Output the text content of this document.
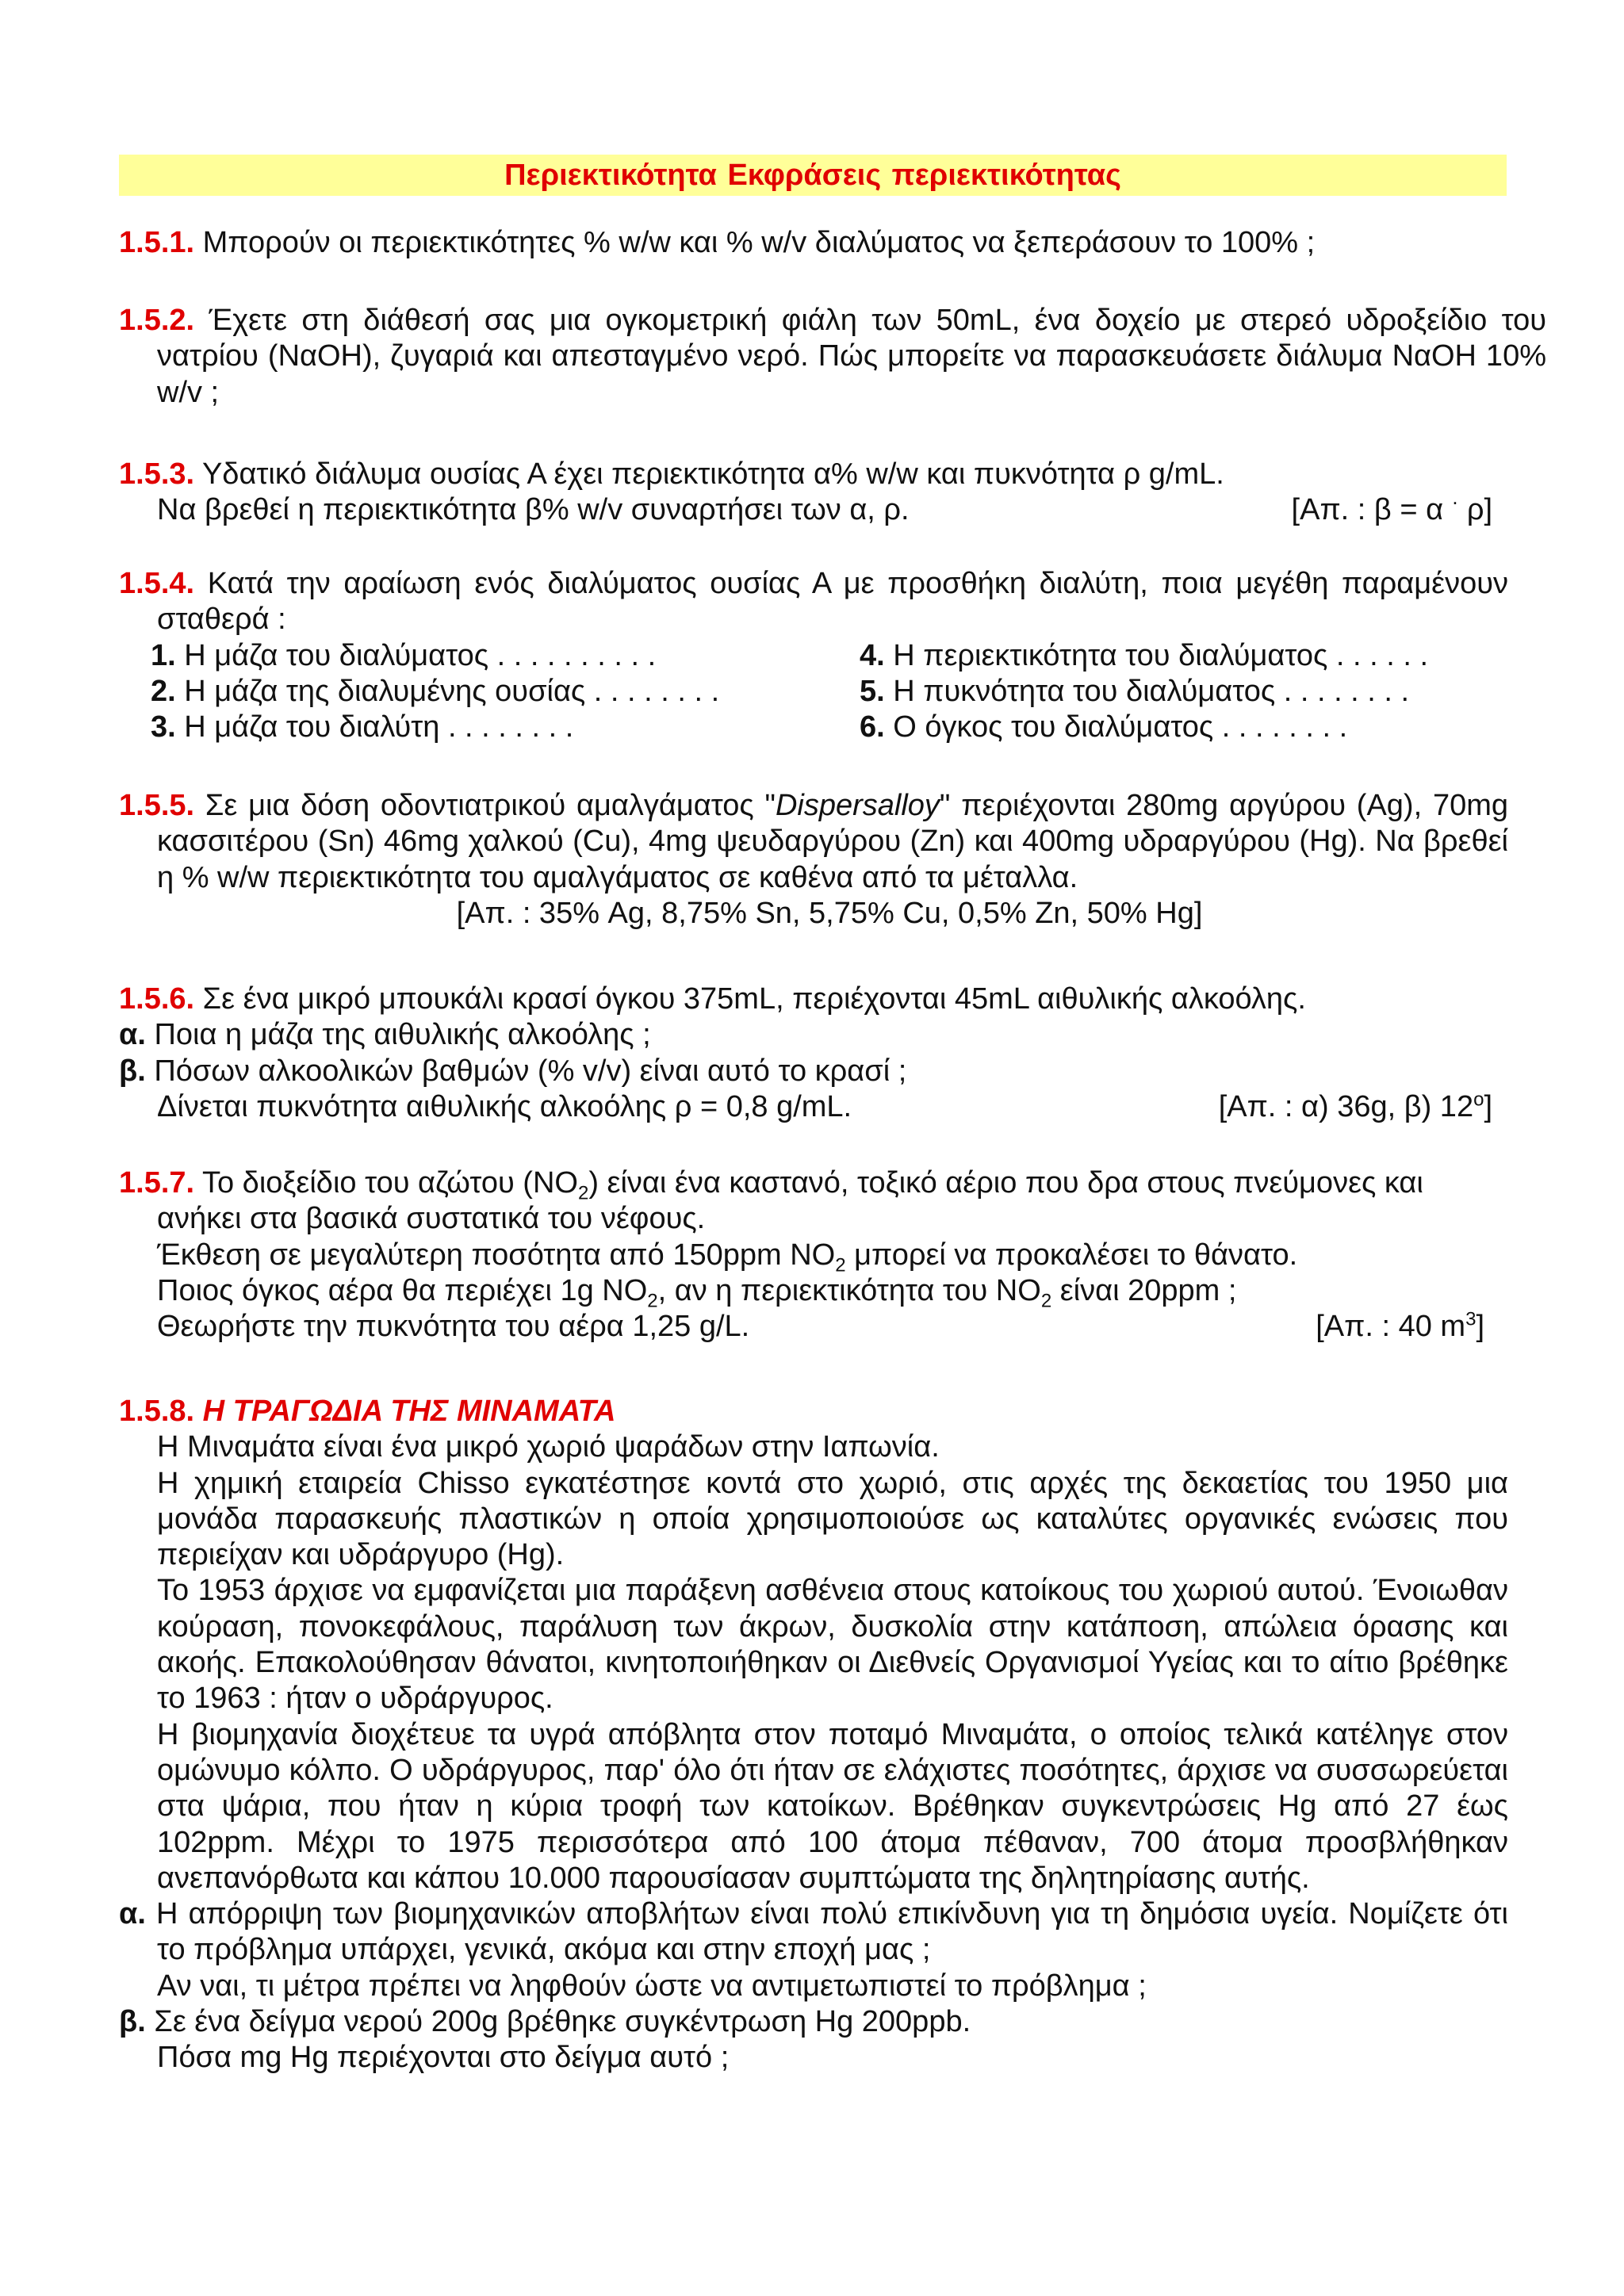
Περιεκτικότητα Εκφράσεις περιεκτικότητας
1.5.1. Μπορούν οι περιεκτικότητες % w/w και % w/v διαλύματος να ξεπεράσουν το 100% ;
1.5.2. Έχετε στη διάθεσή σας μια ογκομετρική φιάλη των 50mL, ένα δοχείο με στερεό υδροξείδιο του νατρίου (ΝαΟΗ), ζυγαριά και απεσταγμένο νερό. Πώς μπορείτε να παρασκευάσετε διάλυμα ΝαΟΗ 10% w/v ;
1.5.3. Υδατικό διάλυμα ουσίας Α έχει περιεκτικότητα α% w/w και πυκνότητα ρ g/mL.
Να βρεθεί η περιεκτικότητα β% w/v συναρτήσει των α, ρ.	[Απ. : β = α · ρ]
1.5.4. Κατά την αραίωση ενός διαλύματος ουσίας Α με προσθήκη διαλύτη, ποια μεγέθη παραμένουν σταθερά :
1. Η μάζα του διαλύματος . . . . . . . . . .	4. Η περιεκτικότητα του διαλύματος . . . . . .
2. Η μάζα της διαλυμένης ουσίας . . . . . . . .	5. Η πυκνότητα του διαλύματος . . . . . . . .
3. Η μάζα του διαλύτη . . . . . . . .	6. Ο όγκος του διαλύματος . . . . . . . .
1.5.5. Σε μια δόση οδοντιατρικού αμαλγάματος "Dispersalloy" περιέχονται 280mg αργύρου (Ag), 70mg κασσιτέρου (Sn) 46mg χαλκού (Cu), 4mg ψευδαργύρου (Zn) και 400mg υδραργύρου (Hg). Να βρεθεί η % w/w περιεκτικότητα του αμαλγάματος σε καθένα από τα μέταλλα.
[Απ. : 35% Ag, 8,75% Sn, 5,75% Cu, 0,5% Zn, 50% Hg]
1.5.6. Σε ένα μικρό μπουκάλι κρασί όγκου 375mL, περιέχονται 45mL αιθυλικής αλκοόλης.
α. Ποια η μάζα της αιθυλικής αλκοόλης ;
β. Πόσων αλκοολικών βαθμών (% v/v) είναι αυτό το κρασί ;
Δίνεται πυκνότητα αιθυλικής αλκοόλης ρ = 0,8 g/mL.	[Απ. : α) 36g, β) $12^o$]
1.5.7. Το διοξείδιο του αζώτου $(NO_2)$ είναι ένα καστανό, τοξικό αέριο που δρα στους πνεύμονες και ανήκει στα βασικά συστατικά του νέφους.
Έκθεση σε μεγαλύτερη ποσότητα από 150ppm $NO_2$ μπορεί να προκαλέσει το θάνατο.
Ποιος όγκος αέρα θα περιέχει 1g $NO_2$, αν η περιεκτικότητα του $NO_2$ είναι 20ppm ;
Θεωρήστε την πυκνότητα του αέρα 1,25 g/L.	[Απ. : 40 $m^3$]
1.5.8. Η ΤΡΑΓΩΔΙΑ ΤΗΣ ΜΙΝΑΜΑΤΑ
Η Μιναμάτα είναι ένα μικρό χωριό ψαράδων στην Ιαπωνία.
Η χημική εταιρεία Chisso εγκατέστησε κοντά στο χωριό, στις αρχές της δεκαετίας του 1950 μια μονάδα παρασκευής πλαστικών η οποία χρησιμοποιούσε ως καταλύτες οργανικές ενώσεις που περιείχαν και υδράργυρο (Hg).
Το 1953 άρχισε να εμφανίζεται μια παράξενη ασθένεια στους κατοίκους του χωριού αυτού. Ένοιωθαν κούραση, πονοκεφάλους, παράλυση των άκρων, δυσκολία στην κατάποση, απώλεια όρασης και ακοής. Επακολούθησαν θάνατοι, κινητοποιήθηκαν οι Διεθνείς Οργανισμοί Υγείας και το αίτιο βρέθηκε το 1963 : ήταν ο υδράργυρος.
Η βιομηχανία διοχέτευε τα υγρά απόβλητα στον ποταμό Μιναμάτα, ο οποίος τελικά κατέληγε στον ομώνυμο κόλπο. Ο υδράργυρος, παρ' όλο ότι ήταν σε ελάχιστες ποσότητες, άρχισε να συσσωρεύεται στα ψάρια, που ήταν η κύρια τροφή των κατοίκων. Βρέθηκαν συγκεντρώσεις Hg από 27 έως 102ppm. Μέχρι το 1975 περισσότερα από 100 άτομα πέθαναν, 700 άτομα προσβλήθηκαν ανεπανόρθωτα και κάπου 10.000 παρουσίασαν συμπτώματα της δηλητηρίασης αυτής.
α. Η απόρριψη των βιομηχανικών αποβλήτων είναι πολύ επικίνδυνη για τη δημόσια υγεία. Νομίζετε ότι το πρόβλημα υπάρχει, γενικά, ακόμα και στην εποχή μας ;
Αν ναι, τι μέτρα πρέπει να ληφθούν ώστε να αντιμετωπιστεί το πρόβλημα ;
β. Σε ένα δείγμα νερού 200g βρέθηκε συγκέντρωση Hg 200ppb.
Πόσα mg Hg περιέχονται στο δείγμα αυτό ;
